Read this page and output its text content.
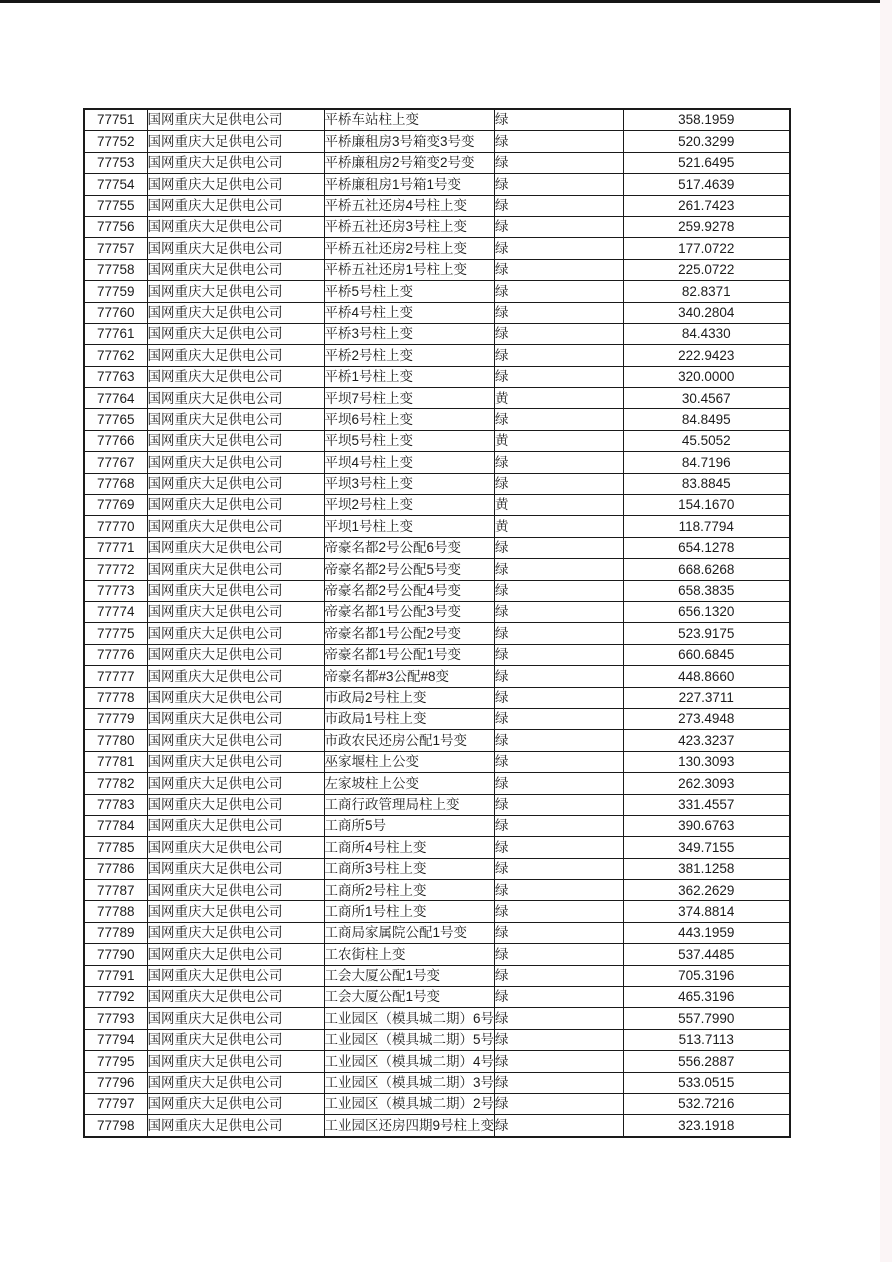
77751	国网重庆大足供电公司	平桥车站柱上变	绿	358.1959
77752	国网重庆大足供电公司	平桥廉租房3号箱变3号变	绿	520.3299
77753	国网重庆大足供电公司	平桥廉租房2号箱变2号变	绿	521.6495
77754	国网重庆大足供电公司	平桥廉租房1号箱1号变	绿	517.4639
77755	国网重庆大足供电公司	平桥五社还房4号柱上变	绿	261.7423
77756	国网重庆大足供电公司	平桥五社还房3号柱上变	绿	259.9278
77757	国网重庆大足供电公司	平桥五社还房2号柱上变	绿	177.0722
77758	国网重庆大足供电公司	平桥五社还房1号柱上变	绿	225.0722
77759	国网重庆大足供电公司	平桥5号柱上变	绿	82.8371
77760	国网重庆大足供电公司	平桥4号柱上变	绿	340.2804
77761	国网重庆大足供电公司	平桥3号柱上变	绿	84.4330
77762	国网重庆大足供电公司	平桥2号柱上变	绿	222.9423
77763	国网重庆大足供电公司	平桥1号柱上变	绿	320.0000
77764	国网重庆大足供电公司	平坝7号柱上变	黄	30.4567
77765	国网重庆大足供电公司	平坝6号柱上变	绿	84.8495
77766	国网重庆大足供电公司	平坝5号柱上变	黄	45.5052
77767	国网重庆大足供电公司	平坝4号柱上变	绿	84.7196
77768	国网重庆大足供电公司	平坝3号柱上变	绿	83.8845
77769	国网重庆大足供电公司	平坝2号柱上变	黄	154.1670
77770	国网重庆大足供电公司	平坝1号柱上变	黄	118.7794
77771	国网重庆大足供电公司	帝豪名都2号公配6号变	绿	654.1278
77772	国网重庆大足供电公司	帝豪名都2号公配5号变	绿	668.6268
77773	国网重庆大足供电公司	帝豪名都2号公配4号变	绿	658.3835
77774	国网重庆大足供电公司	帝豪名都1号公配3号变	绿	656.1320
77775	国网重庆大足供电公司	帝豪名都1号公配2号变	绿	523.9175
77776	国网重庆大足供电公司	帝豪名都1号公配1号变	绿	660.6845
77777	国网重庆大足供电公司	帝豪名都#3公配#8变	绿	448.8660
77778	国网重庆大足供电公司	市政局2号柱上变	绿	227.3711
77779	国网重庆大足供电公司	市政局1号柱上变	绿	273.4948
77780	国网重庆大足供电公司	市政农民还房公配1号变	绿	423.3237
77781	国网重庆大足供电公司	巫家堰柱上公变	绿	130.3093
77782	国网重庆大足供电公司	左家坡柱上公变	绿	262.3093
77783	国网重庆大足供电公司	工商行政管理局柱上变	绿	331.4557
77784	国网重庆大足供电公司	工商所5号	绿	390.6763
77785	国网重庆大足供电公司	工商所4号柱上变	绿	349.7155
77786	国网重庆大足供电公司	工商所3号柱上变	绿	381.1258
77787	国网重庆大足供电公司	工商所2号柱上变	绿	362.2629
77788	国网重庆大足供电公司	工商所1号柱上变	绿	374.8814
77789	国网重庆大足供电公司	工商局家属院公配1号变	绿	443.1959
77790	国网重庆大足供电公司	工农街柱上变	绿	537.4485
77791	国网重庆大足供电公司	工会大厦公配1号变	绿	705.3196
77792	国网重庆大足供电公司	工会大厦公配1号变	绿	465.3196
77793	国网重庆大足供电公司	工业园区（模具城二期）6号	绿	557.7990
77794	国网重庆大足供电公司	工业园区（模具城二期）5号	绿	513.7113
77795	国网重庆大足供电公司	工业园区（模具城二期）4号	绿	556.2887
77796	国网重庆大足供电公司	工业园区（模具城二期）3号	绿	533.0515
77797	国网重庆大足供电公司	工业园区（模具城二期）2号	绿	532.7216
77798	国网重庆大足供电公司	工业园区还房四期9号柱上变	绿	323.1918
